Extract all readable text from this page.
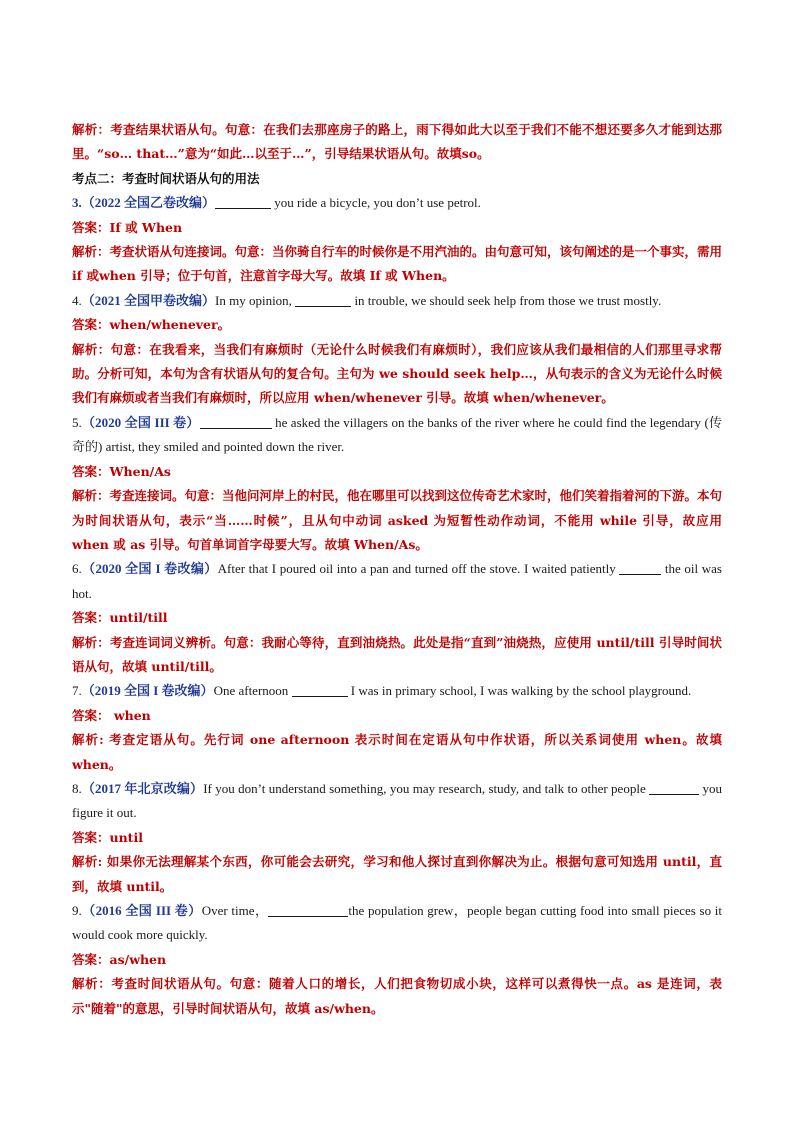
解析：考查结果状语从句。句意：在我们去那座房子的路上，雨下得如此大以至于我们不能不想还要多久才能到达那里。“so… that…”意为“如此…以至于…”，引导结果状语从句。故填so。

考点二：考查时间状语从句的用法

3.（2022 全国乙卷改编）	you ride a bicycle, you don’t use petrol.

答案：If 或 When

解析：考查状语从句连接词。句意：当你骑自行车的时候你是不用汽油的。由句意可知，该句阐述的是一个事实，需用 if 或when 引导；位于句首，注意首字母大写。故填 If 或 When。

4.（2021 全国甲卷改编）In my opinion,	in trouble, we should seek help from those we trust mostly.

答案：when/whenever。

解析：句意：在我看来，当我们有麻烦时（无论什么时候我们有麻烦时），我们应该从我们最相信的人们那里寻求帮助。分析可知，本句为含有状语从句的复合句。主句为 we should seek help…，从句表示的含义为无论什么时候我们有麻烦或者当我们有麻烦时，所以应用 when/whenever 引导。故填 when/whenever。

5.（2020 全国 III 卷）	he asked the villagers on the banks of the river where he could find the legendary (传奇的) artist, they smiled and pointed down the river.

答案：When/As

解析：考查连接词。句意：当他问河岸上的村民，他在哪里可以找到这位传奇艺术家时，他们笑着指着河的下游。本句为时间状语从句，表示“当……时候”，且从句中动词 asked 为短暂性动作动词，不能用 while 引导，故应用 when 或 as 引导。句首单词首字母要大写。故填 When/As。

6.（2020 全国 I 卷改编）After that I poured oil into a pan and turned off the stove. I waited patiently	the oil was hot.

答案：until/till

解析：考查连词词义辨析。句意：我耐心等待，直到油烧热。此处是指“直到”油烧热，应使用 until/till 引导时间状语从句，故填 until/till。

7.（2019 全国 I 卷改编）One afternoon	I was in primary school, I was walking by the school playground.

答案： when

解析: 考查定语从句。先行词 one afternoon 表示时间在定语从句中作状语，所以关系词使用 when。故填when。

8.（2017 年北京改编）If you don’t understand something, you may research, study, and talk to other people	you figure it out.

答案：until

解析: 如果你无法理解某个东西，你可能会去研究，学习和他人探讨直到你解决为止。根据句意可知选用 until，直到，故填 until。

9.（2016 全国 III 卷）Over time，	the population grew，people began cutting food into small pieces so it would cook more quickly.

答案：as/when

解析：考查时间状语从句。句意：随着人口的增长，人们把食物切成小块，这样可以煮得快一点。as 是连词，表示"随着"的意思，引导时间状语从句，故填 as/when。
